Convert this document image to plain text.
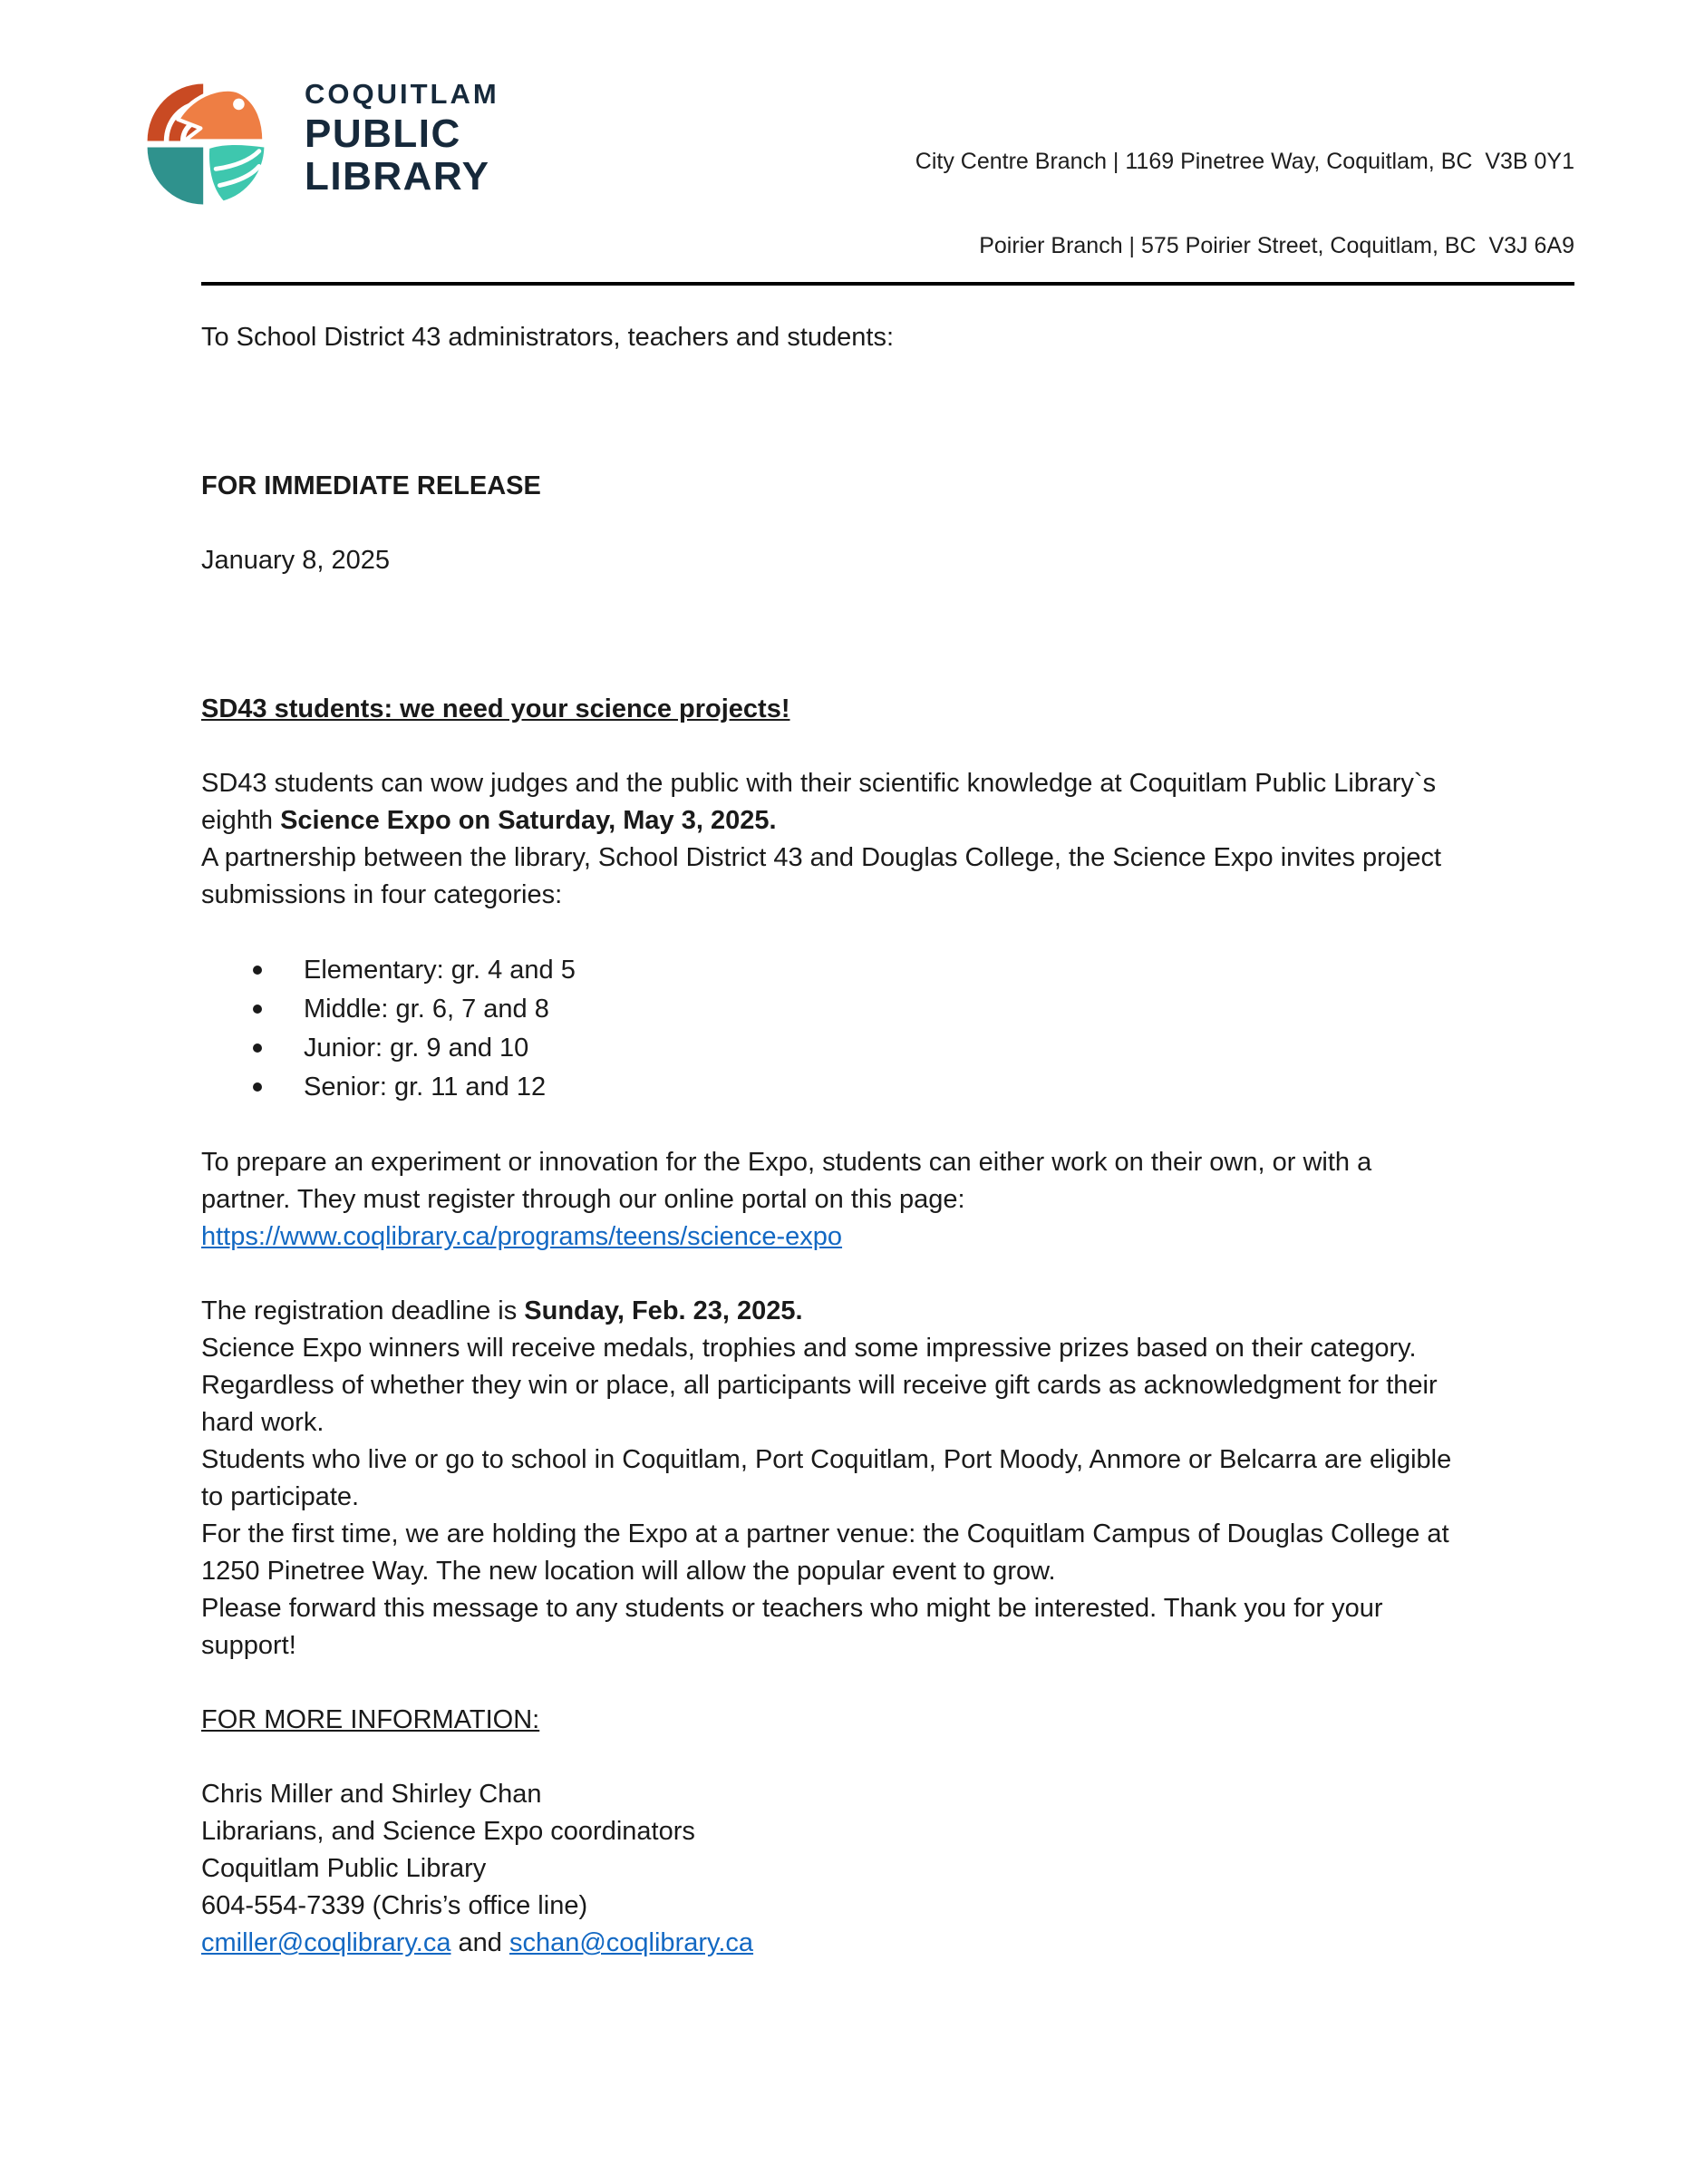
COQUITLAM
PUBLIC
LIBRARY

	City Centre Branch | 1169 Pinetree Way, Coquitlam, BC  V3B 0Y1

Poirier Branch | 575 Poirier Street, Coquitlam, BC  V3J 6A9

To School District 43 administrators, teachers and students:
FOR IMMEDIATE RELEASE
January 8, 2025
SD43 students: we need your science projects!
SD43 students can wow judges and the public with their scientific knowledge at Coquitlam Public Library`s
eighth Science Expo on Saturday, May 3, 2025.
A partnership between the library, School District 43 and Douglas College, the Science Expo invites project
submissions in four categories:
Elementary: gr. 4 and 5
Middle: gr. 6, 7 and 8
Junior: gr. 9 and 10
Senior: gr. 11 and 12
To prepare an experiment or innovation for the Expo, students can either work on their own, or with a
partner. They must register through our online portal on this page:
https://www.coqlibrary.ca/programs/teens/science-expo
The registration deadline is Sunday, Feb. 23, 2025.
Science Expo winners will receive medals, trophies and some impressive prizes based on their category.
Regardless of whether they win or place, all participants will receive gift cards as acknowledgment for their
hard work.
Students who live or go to school in Coquitlam, Port Coquitlam, Port Moody, Anmore or Belcarra are eligible
to participate.
For the first time, we are holding the Expo at a partner venue: the Coquitlam Campus of Douglas College at
1250 Pinetree Way. The new location will allow the popular event to grow.
Please forward this message to any students or teachers who might be interested. Thank you for your
support!
FOR MORE INFORMATION:
Chris Miller and Shirley Chan
Librarians, and Science Expo coordinators
Coquitlam Public Library
604-554-7339 (Chris’s office line)
cmiller@coqlibrary.ca and schan@coqlibrary.ca
